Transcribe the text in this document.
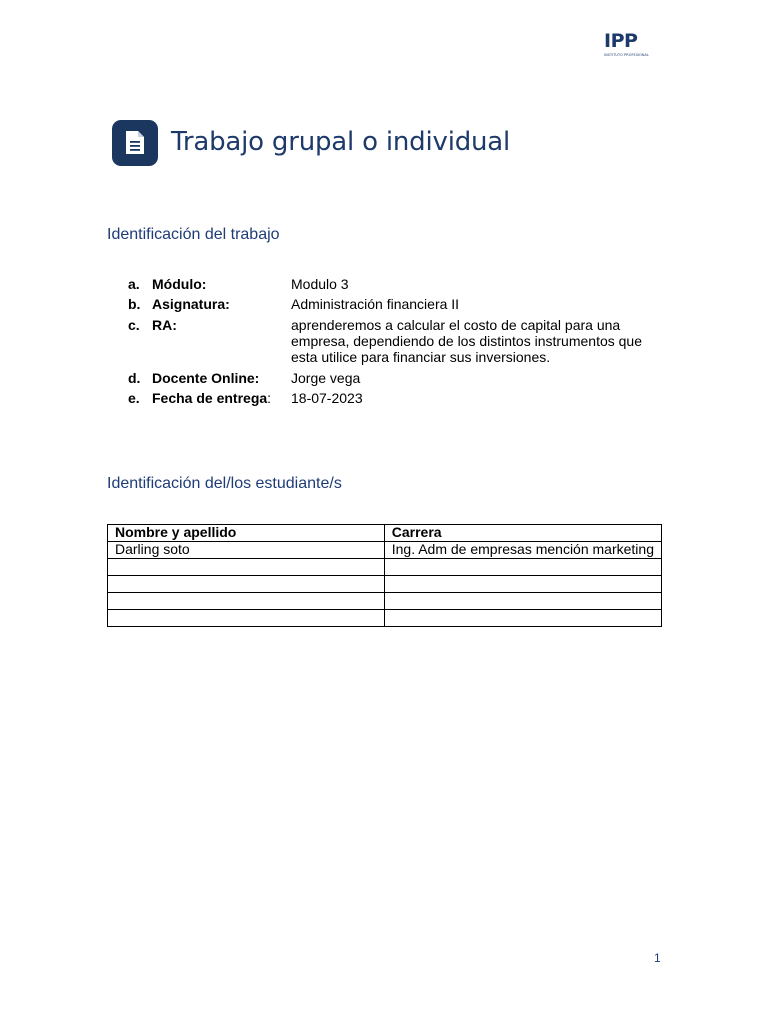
IPP
INSTITUTO PROFESIONAL
Trabajo grupal o individual
Identificación del trabajo
a. Módulo:	Modulo 3
b. Asignatura:	Administración financiera II
c. RA:	aprenderemos a calcular el costo de capital para una empresa, dependiendo de los distintos instrumentos que esta utilice para financiar sus inversiones.
d. Docente Online: Jorge vega
e. Fecha de entrega: 18-07-2023
Identificación del/los estudiante/s
Nombre y apellido	Carrera
Darling soto	Ing. Adm de empresas mención marketing

1
